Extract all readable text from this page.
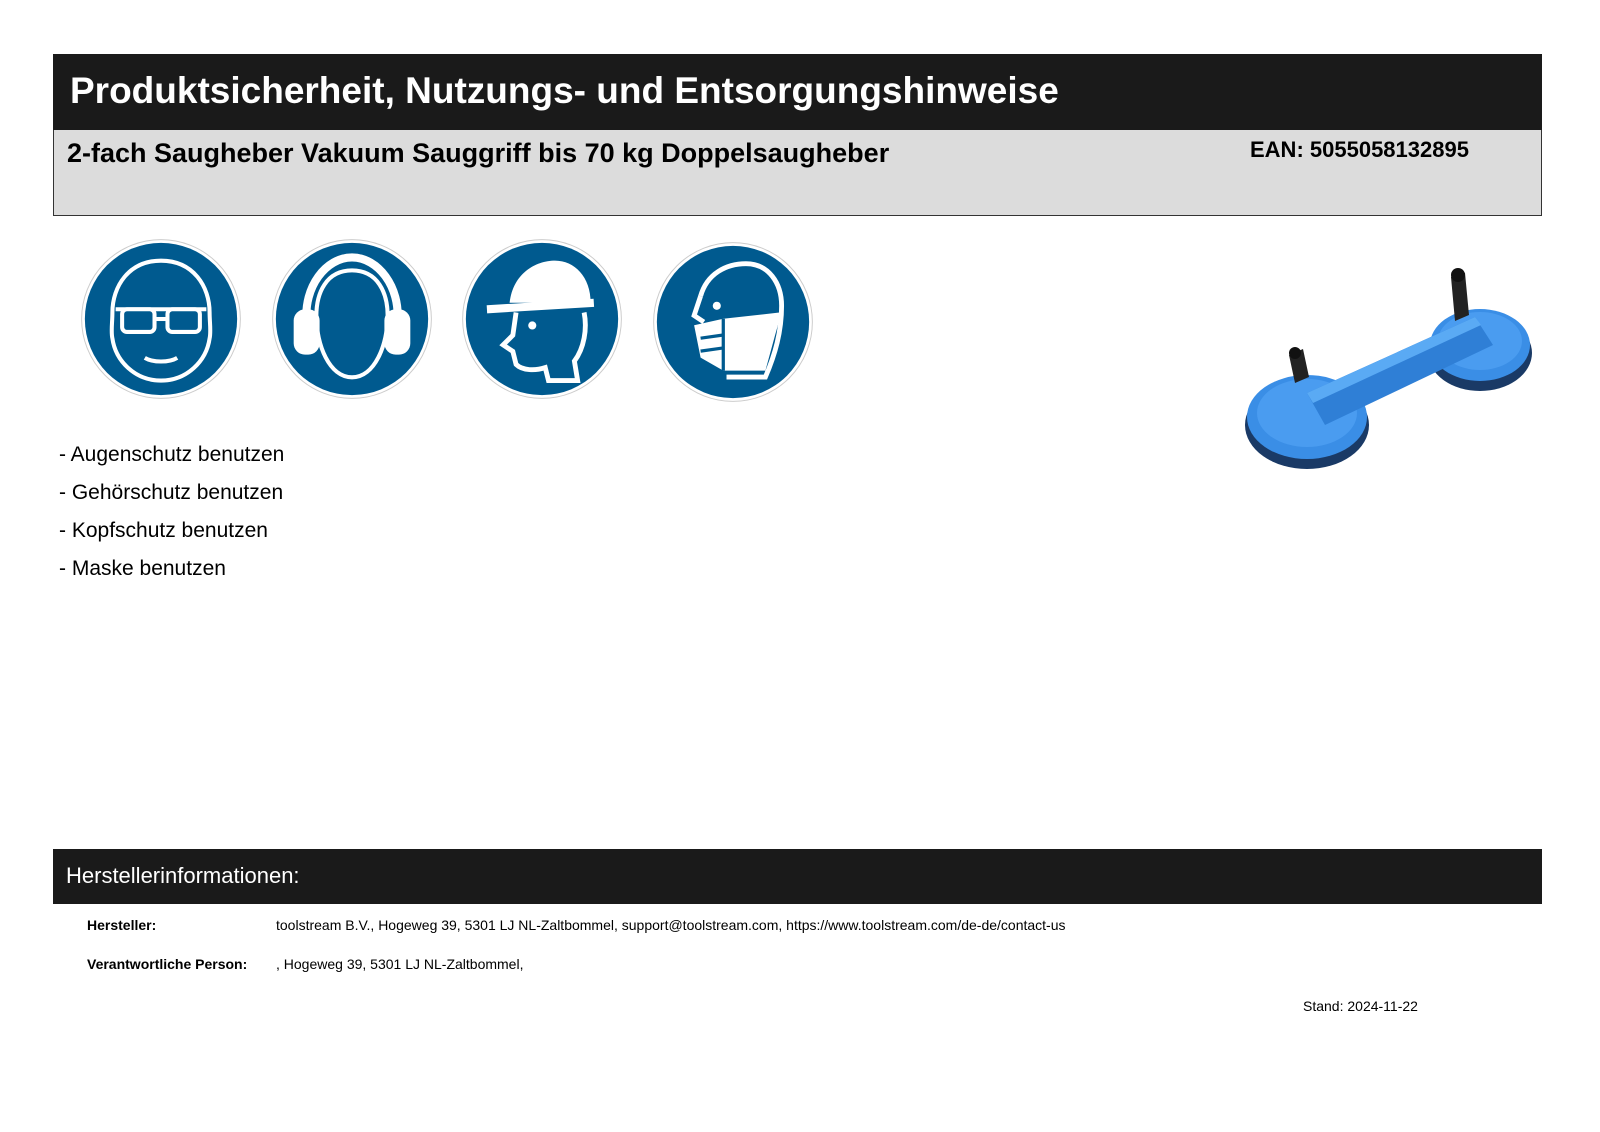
Produktsicherheit, Nutzungs- und Entsorgungshinweise
2-fach Saugheber Vakuum Sauggriff bis 70 kg Doppelsaugheber	EAN: 5055058132895
- Augenschutz benutzen
- Gehörschutz benutzen
- Kopfschutz benutzen
- Maske benutzen
Herstellerinformationen:
Hersteller:	toolstream B.V., Hogeweg 39, 5301 LJ NL-Zaltbommel, support@toolstream.com, https://www.toolstream.com/de-de/contact-us
Verantwortliche Person: , Hogeweg 39, 5301 LJ NL-Zaltbommel,
Stand: 2024-11-22
